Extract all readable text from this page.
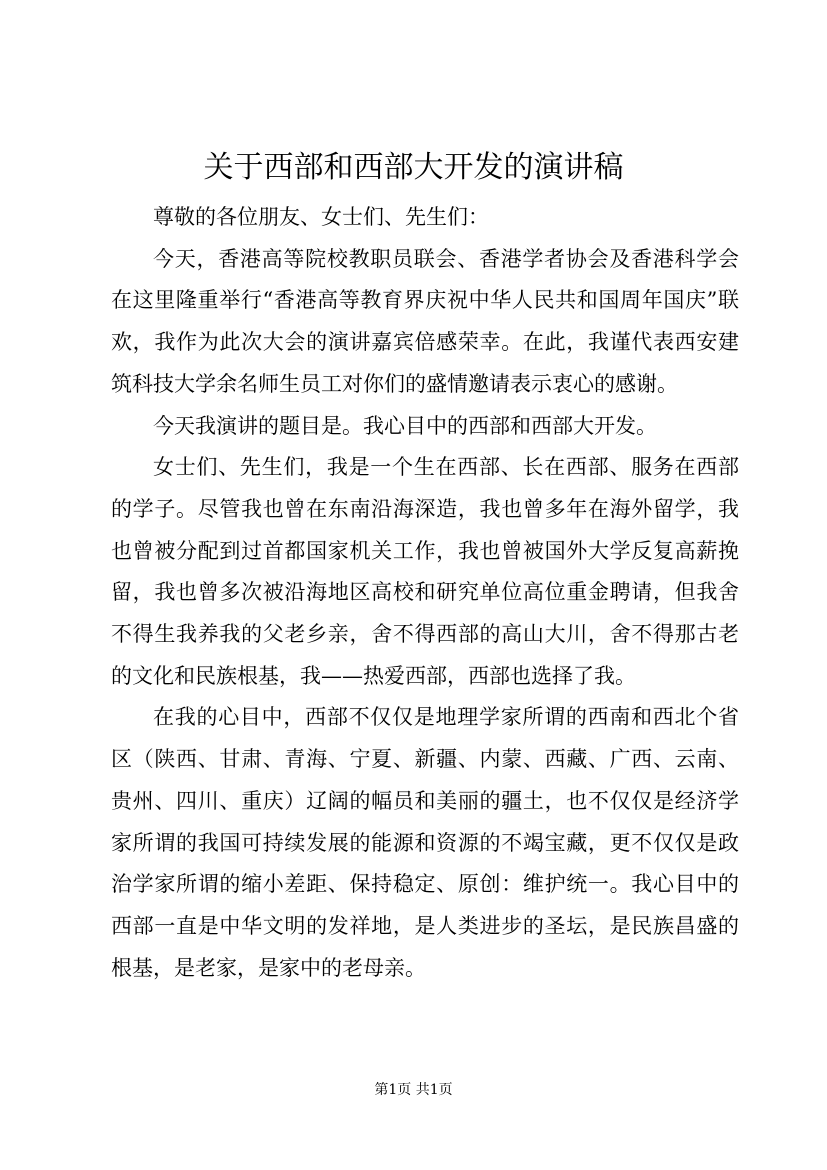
关于西部和西部大开发的演讲稿

尊敬的各位朋友、女士们、先生们：

今天，香港高等院校教职员联会、香港学者协会及香港科学会在这里隆重举行“香港高等教育界庆祝中华人民共和国周年国庆”联欢，我作为此次大会的演讲嘉宾倍感荣幸。在此，我谨代表西安建筑科技大学余名师生员工对你们的盛情邀请表示衷心的感谢。

今天我演讲的题目是。我心目中的西部和西部大开发。

女士们、先生们，我是一个生在西部、长在西部、服务在西部的学子。尽管我也曾在东南沿海深造，我也曾多年在海外留学，我也曾被分配到过首都国家机关工作，我也曾被国外大学反复高薪挽留，我也曾多次被沿海地区高校和研究单位高位重金聘请，但我舍不得生我养我的父老乡亲，舍不得西部的高山大川，舍不得那古老的文化和民族根基，我——热爱西部，西部也选择了我。

在我的心目中，西部不仅仅是地理学家所谓的西南和西北个省区（陕西、甘肃、青海、宁夏、新疆、内蒙、西藏、广西、云南、贵州、四川、重庆）辽阔的幅员和美丽的疆土，也不仅仅是经济学家所谓的我国可持续发展的能源和资源的不竭宝藏，更不仅仅是政治学家所谓的缩小差距、保持稳定、原创：维护统一。我心目中的西部一直是中华文明的发祥地，是人类进步的圣坛，是民族昌盛的根基，是老家，是家中的老母亲。

第1页 共1页
